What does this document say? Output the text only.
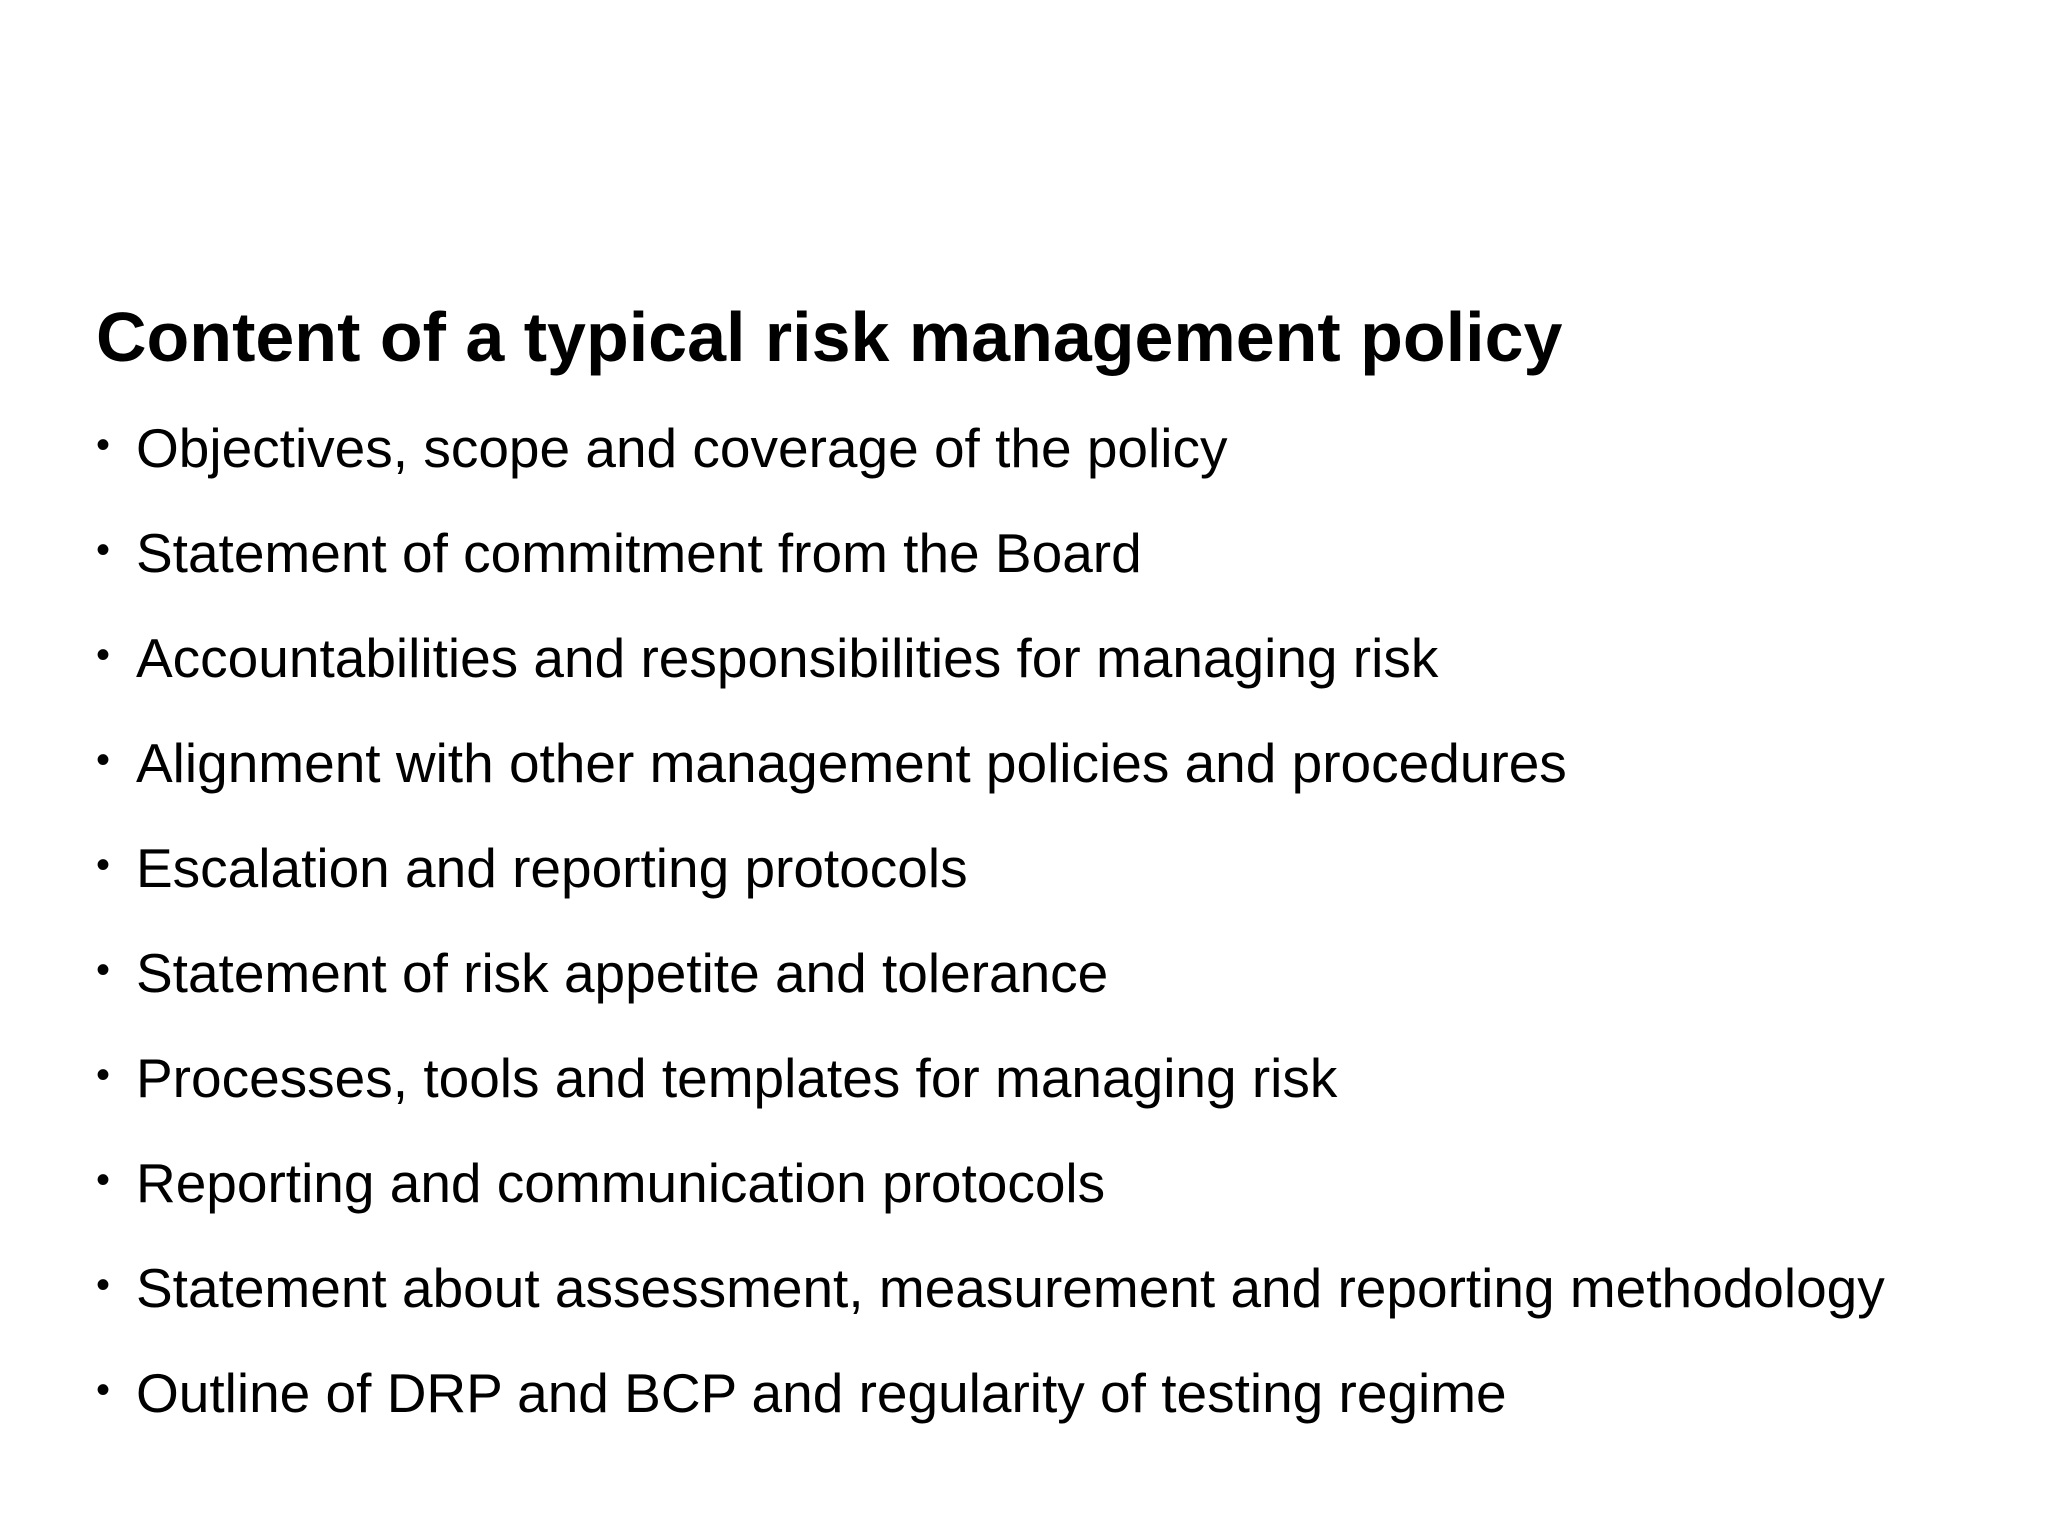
Content of a typical risk management policy
• Objectives, scope and coverage of the policy
• Statement of commitment from the Board
• Accountabilities and responsibilities for managing risk
• Alignment with other management policies and procedures
• Escalation and reporting protocols
• Statement of risk appetite and tolerance
• Processes, tools and templates for managing risk
• Reporting and communication protocols
• Statement about assessment, measurement and reporting methodology
• Outline of DRP and BCP and regularity of testing regime
